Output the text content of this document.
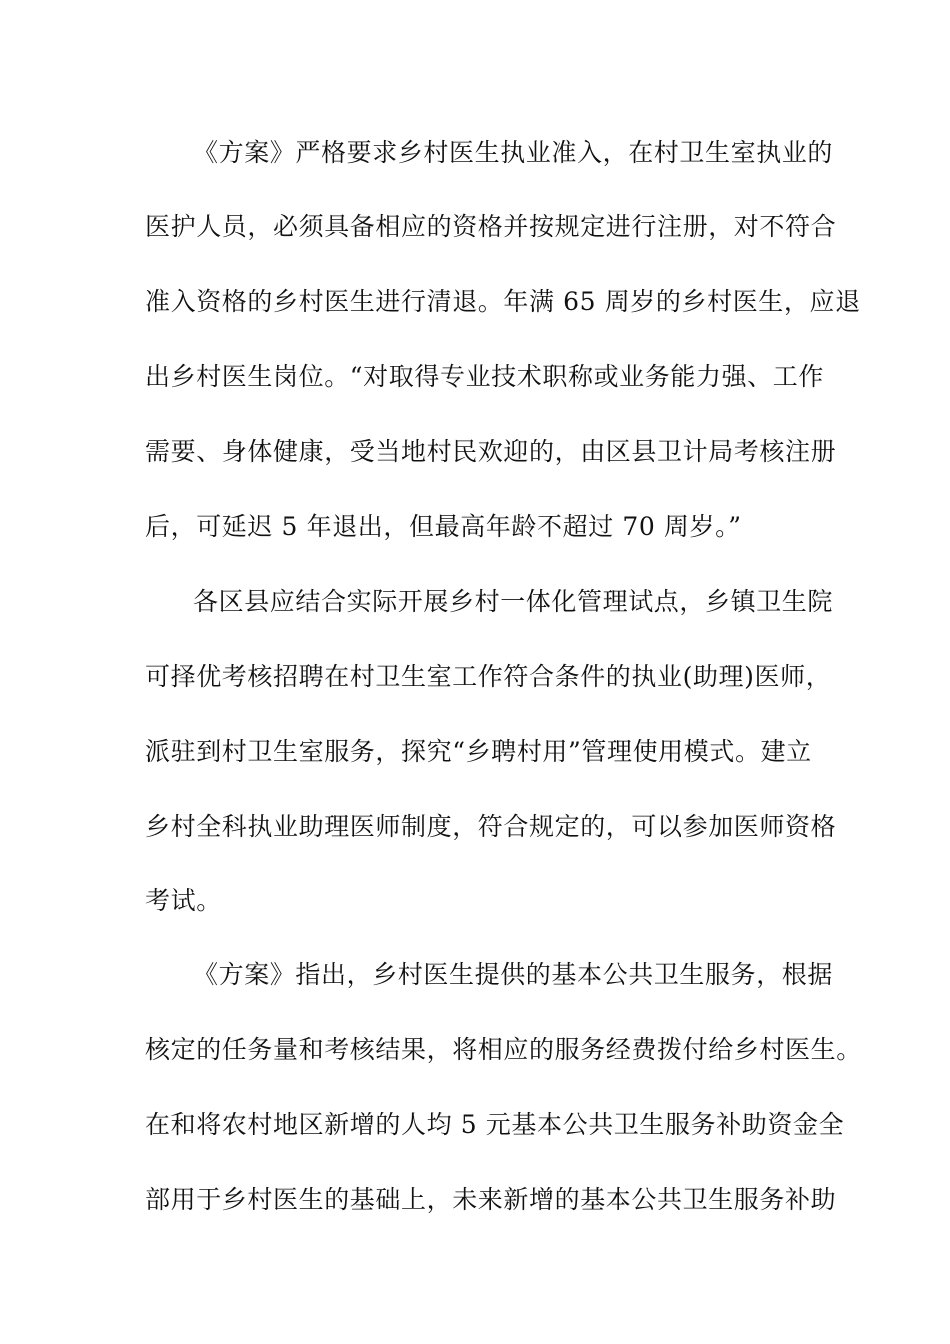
《方案》严格要求乡村医生执业准入，在村卫生室执业的
医护人员，必须具备相应的资格并按规定进行注册，对不符合
准入资格的乡村医生进行清退。年满 65 周岁的乡村医生，应退
出乡村医生岗位。“对取得专业技术职称或业务能力强、工作
需要、身体健康，受当地村民欢迎的，由区县卫计局考核注册
后，可延迟 5 年退出，但最高年龄不超过 70 周岁。”
各区县应结合实际开展乡村一体化管理试点，乡镇卫生院
可择优考核招聘在村卫生室工作符合条件的执业(助理)医师，
派驻到村卫生室服务，探究“乡聘村用”管理使用模式。建立
乡村全科执业助理医师制度，符合规定的，可以参加医师资格
考试。
《方案》指出，乡村医生提供的基本公共卫生服务，根据
核定的任务量和考核结果，将相应的服务经费拨付给乡村医生。
在和将农村地区新增的人均 5 元基本公共卫生服务补助资金全
部用于乡村医生的基础上，未来新增的基本公共卫生服务补助
